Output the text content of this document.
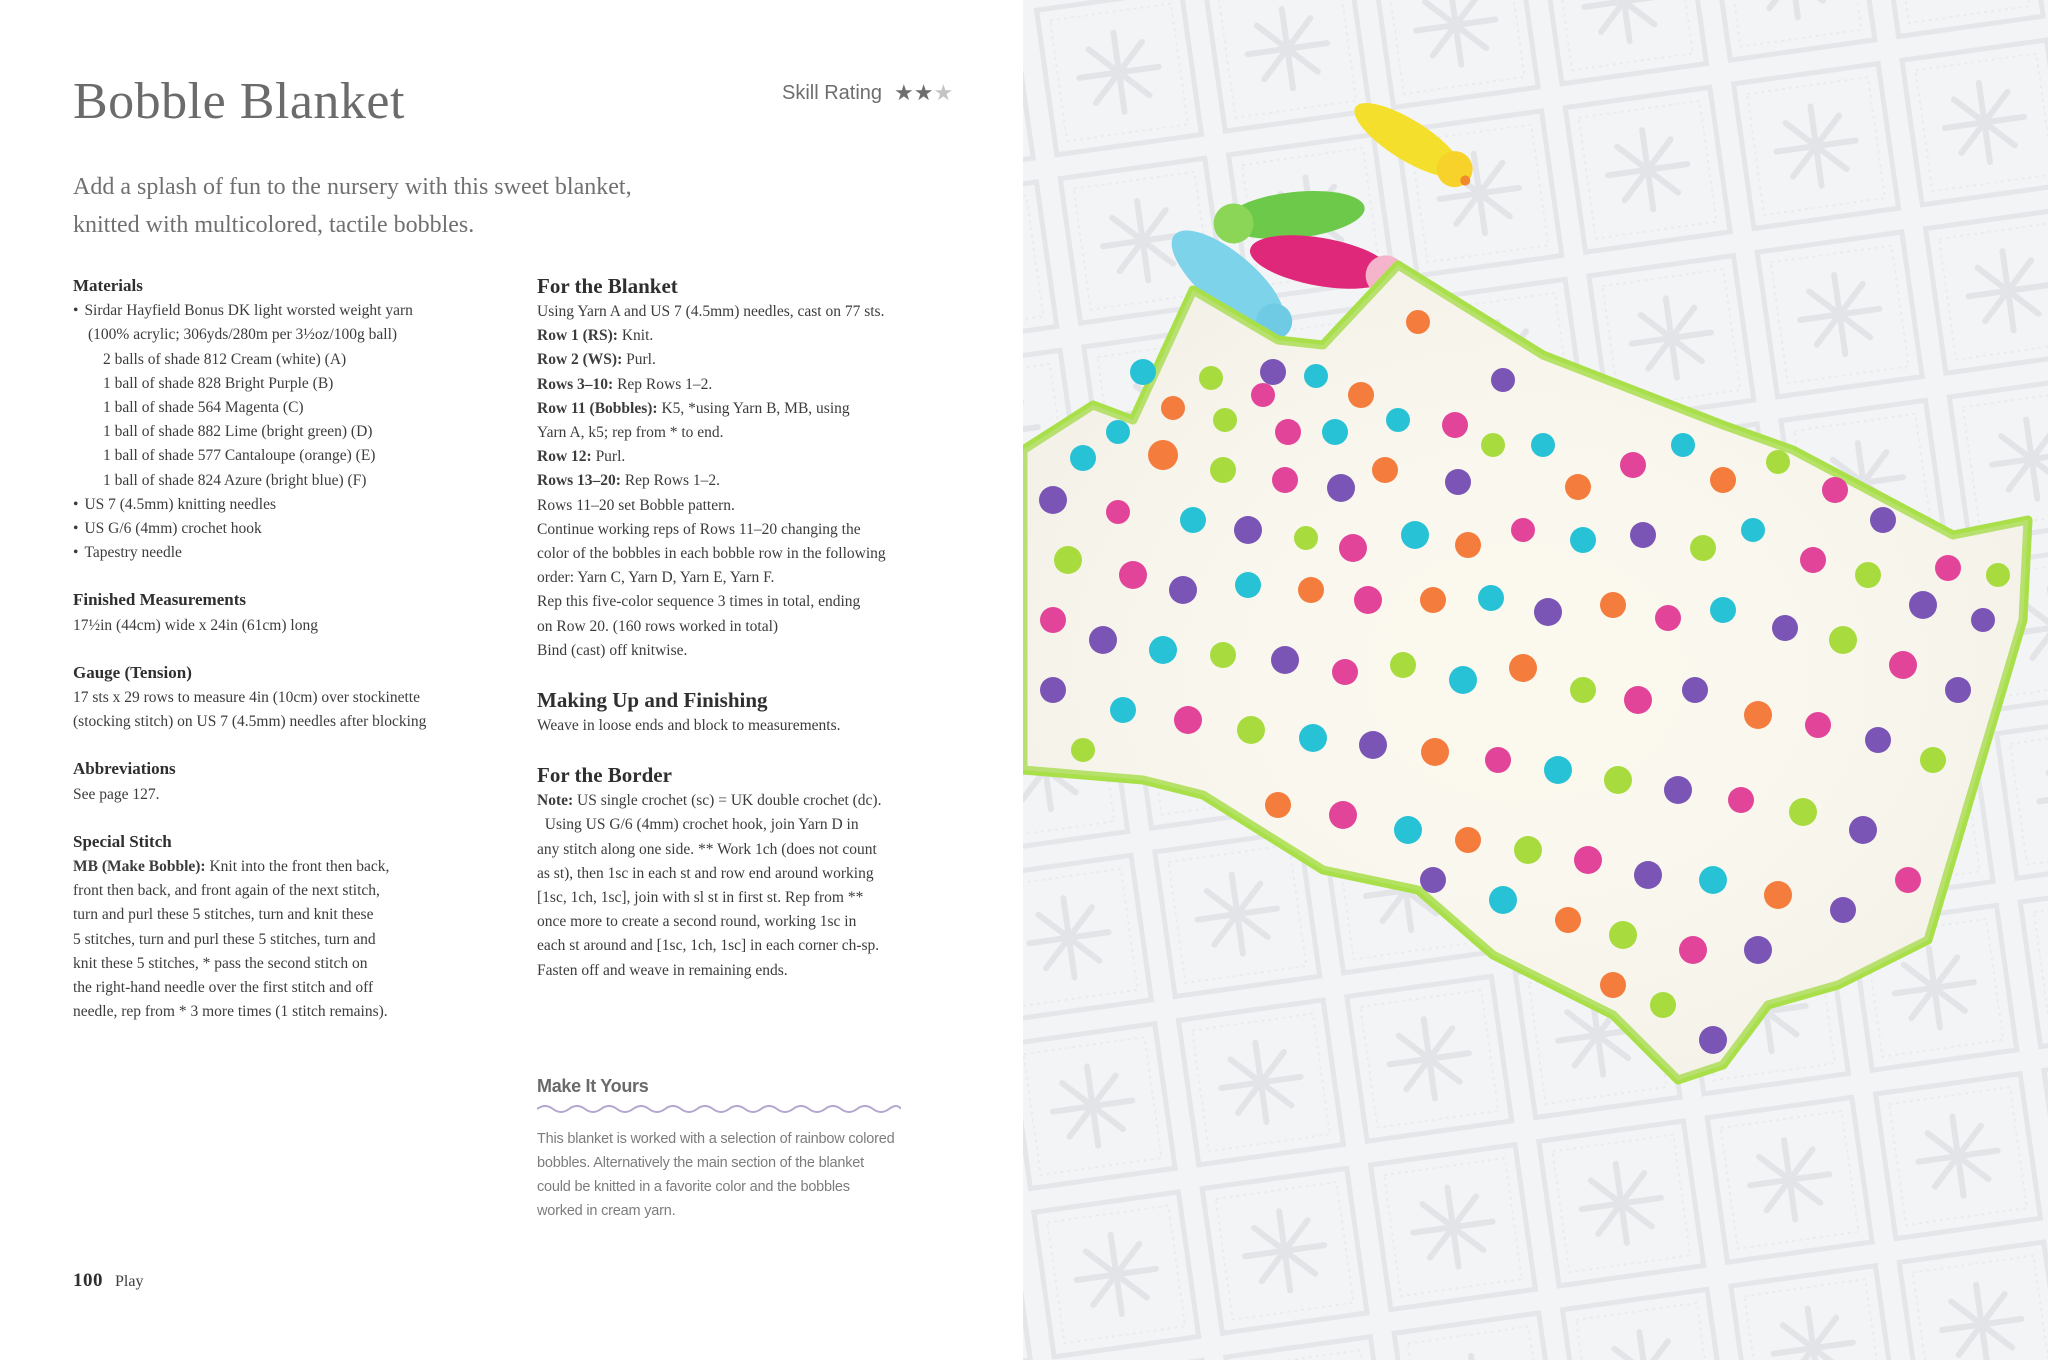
Bobble Blanket	Skill Rating ★ ★ ★
Add a splash of fun to the nursery with this sweet blanket,
knitted with multicolored, tactile bobbles.
Materials
• Sirdar Hayfield Bonus DK light worsted weight yarn
(100% acrylic; 306yds/280m per 3½oz/100g ball)
2 balls of shade 812 Cream (white) (A)
1 ball of shade 828 Bright Purple (B)
1 ball of shade 564 Magenta (C)
1 ball of shade 882 Lime (bright green) (D)
1 ball of shade 577 Cantaloupe (orange) (E)
1 ball of shade 824 Azure (bright blue) (F)
• US 7 (4.5mm) knitting needles
• US G/6 (4mm) crochet hook
• Tapestry needle
Finished Measurements
17½in (44cm) wide x 24in (61cm) long
Gauge (Tension)
17 sts x 29 rows to measure 4in (10cm) over stockinette
(stocking stitch) on US 7 (4.5mm) needles after blocking
Abbreviations
See page 127.
Special Stitch
MB (Make Bobble): Knit into the front then back,
front then back, and front again of the next stitch,
turn and purl these 5 stitches, turn and knit these
5 stitches, turn and purl these 5 stitches, turn and
knit these 5 stitches, * pass the second stitch on
the right-hand needle over the first stitch and off
needle, rep from * 3 more times (1 stitch remains).
For the Blanket
Using Yarn A and US 7 (4.5mm) needles, cast on 77 sts.
Row 1 (RS): Knit.
Row 2 (WS): Purl.
Rows 3–10: Rep Rows 1–2.
Row 11 (Bobbles): K5, *using Yarn B, MB, using
Yarn A, k5; rep from * to end.
Row 12: Purl.
Rows 13–20: Rep Rows 1–2.
Rows 11–20 set Bobble pattern.
Continue working reps of Rows 11–20 changing the
color of the bobbles in each bobble row in the following
order: Yarn C, Yarn D, Yarn E, Yarn F.
Rep this five-color sequence 3 times in total, ending
on Row 20. (160 rows worked in total)
Bind (cast) off knitwise.
Making Up and Finishing
Weave in loose ends and block to measurements.
For the Border
Note: US single crochet (sc) = UK double crochet (dc).
Using US G/6 (4mm) crochet hook, join Yarn D in
any stitch along one side. ** Work 1ch (does not count
as st), then 1sc in each st and row end around working
[1sc, 1ch, 1sc], join with sl st in first st. Rep from **
once more to create a second round, working 1sc in
each st around and [1sc, 1ch, 1sc] in each corner ch-sp.
Fasten off and weave in remaining ends.
Make It Yours
This blanket is worked with a selection of rainbow colored
bobbles. Alternatively the main section of the blanket
could be knitted in a favorite color and the bobbles
worked in cream yarn.
100 Play
